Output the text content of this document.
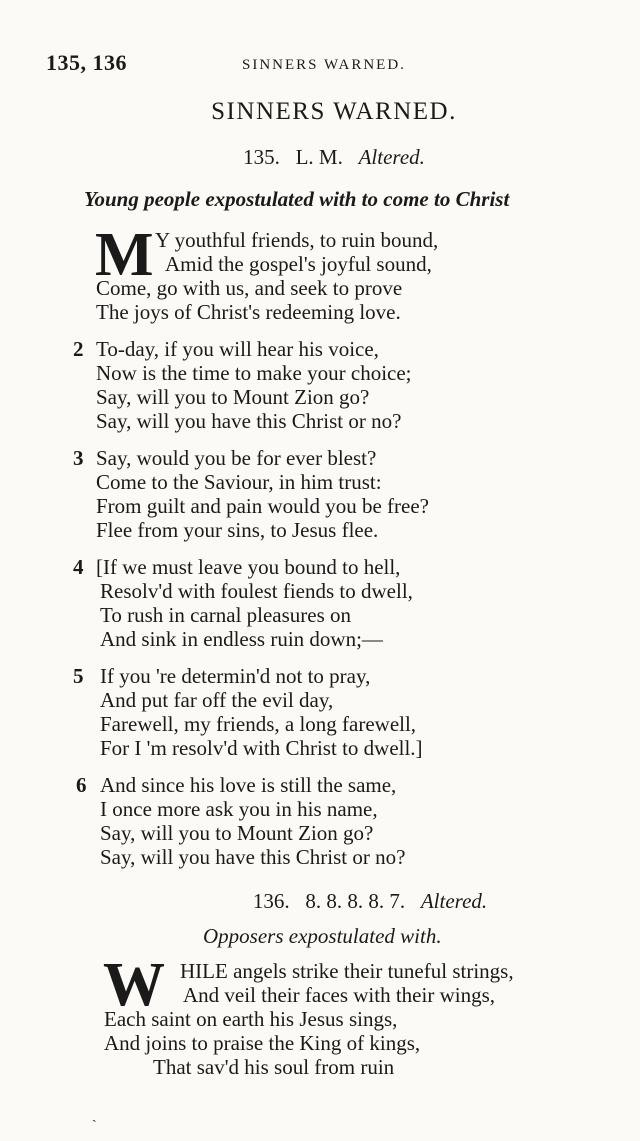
135, 136	SINNERS WARNED.
SINNERS WARNED.
135. L. M. Altered.
Young people expostulated with to come to Christ
M Y youthful friends, to ruin bound,
Amid the gospel's joyful sound,
Come, go with us, and seek to prove
The joys of Christ's redeeming love.
2 To-day, if you will hear his voice,
Now is the time to make your choice;
Say, will you to Mount Zion go?
Say, will you have this Christ or no?
3 Say, would you be for ever blest?
Come to the Saviour, in him trust:
From guilt and pain would you be free?
Flee from your sins, to Jesus flee.
4 [If we must leave you bound to hell,
Resolv'd with foulest fiends to dwell,
To rush in carnal pleasures on
And sink in endless ruin down;—
5 If you 're determin'd not to pray,
And put far off the evil day,
Farewell, my friends, a long farewell,
For I 'm resolv'd with Christ to dwell.]
6 And since his love is still the same,
I once more ask you in his name,
Say, will you to Mount Zion go?
Say, will you have this Christ or no?
136. 8. 8. 8. 8. 7. Altered.
Opposers expostulated with.
W HILE angels strike their tuneful strings,
And veil their faces with their wings,
Each saint on earth his Jesus sings,
And joins to praise the King of kings,
That sav'd his soul from ruin
ˎ
